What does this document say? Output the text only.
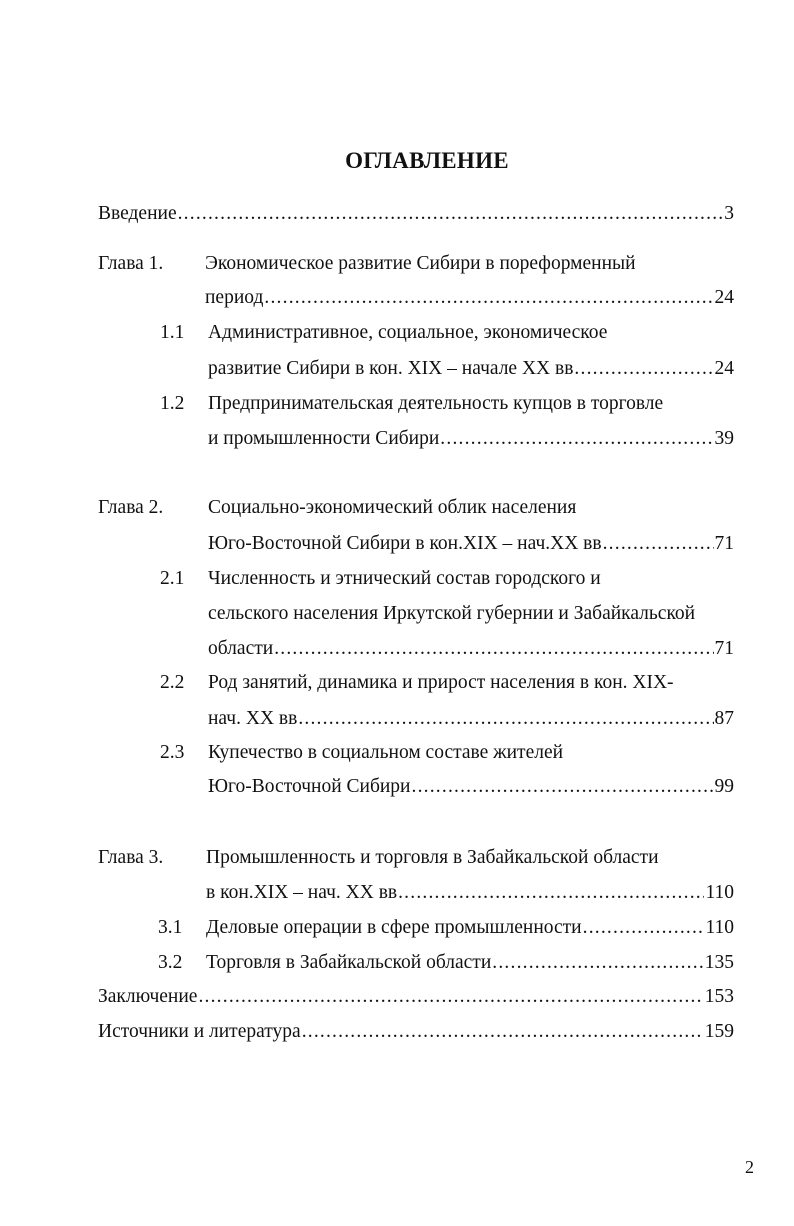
ОГЛАВЛЕНИЕ
Введение .....	3
Глава 1. Экономическое развитие Сибири в пореформенный
период .....	24
1.1 Административное, социальное, экономическое
развитие Сибири в кон. XIX – начале XX вв .....	24
1.2 Предпринимательская деятельность купцов в торговле
и промышленности Сибири .....	39
Глава 2. Социально-экономический облик населения
Юго-Восточной Сибири в кон.XIX – нач.XX вв .....	71
2.1 Численность и этнический состав городского и
сельского населения Иркутской губернии и Забайкальской
области .....	71
2.2 Род занятий, динамика и прирост населения в кон. XIX-
нач. XX вв .....	87
2.3 Купечество в социальном составе жителей
Юго-Восточной Сибири .....	99
Глава 3. Промышленность и торговля в Забайкальской области
в кон.XIX – нач. XX вв .....	110
3.1 Деловые операции в сфере промышленности .....	110
3.2 Торговля в Забайкальской области .....	135
Заключение .....	153
Источники и литература .....	159
2
